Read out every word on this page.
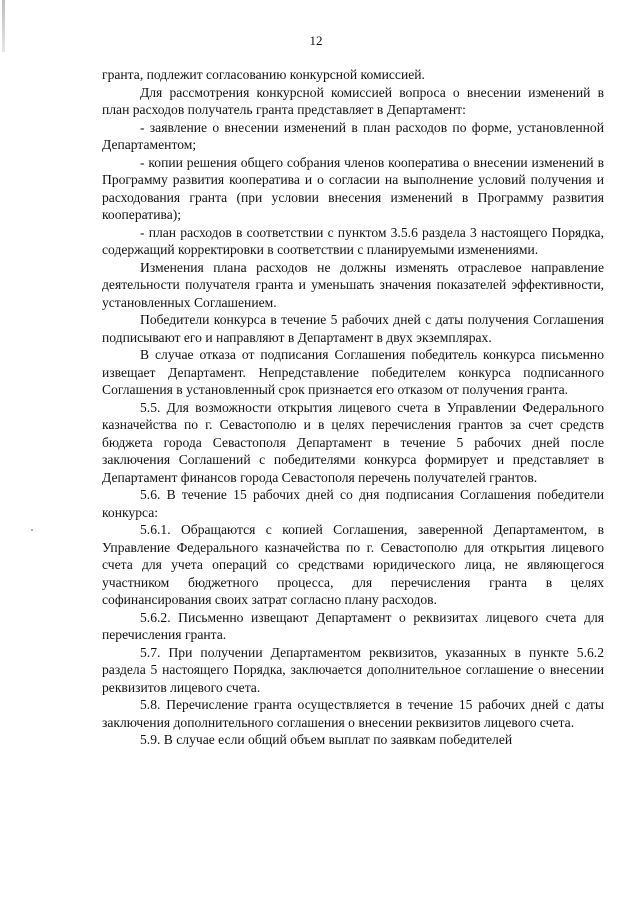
12

гранта, подлежит согласованию конкурсной комиссией.

Для рассмотрения конкурсной комиссией вопроса о внесении изменений в план расходов получатель гранта представляет в Департамент:

- заявление о внесении изменений в план расходов по форме, установленной Департаментом;

- копии решения общего собрания членов кооператива о внесении изменений в Программу развития кооператива и о согласии на выполнение условий получения и расходования гранта (при условии внесения изменений в Программу развития кооператива);

- план расходов в соответствии с пунктом 3.5.6 раздела 3 настоящего Порядка, содержащий корректировки в соответствии с планируемыми изменениями.

Изменения плана расходов не должны изменять отраслевое направление деятельности получателя гранта и уменьшать значения показателей эффективности, установленных Соглашением.

Победители конкурса в течение 5 рабочих дней с даты получения Соглашения подписывают его и направляют в Департамент в двух экземплярах.

В случае отказа от подписания Соглашения победитель конкурса письменно извещает Департамент. Непредставление победителем конкурса подписанного Соглашения в установленный срок признается его отказом от получения гранта.

5.5. Для возможности открытия лицевого счета в Управлении Федерального казначейства по г. Севастополю и в целях перечисления грантов за счет средств бюджета города Севастополя Департамент в течение 5 рабочих дней после заключения Соглашений с победителями конкурса формирует и представляет в Департамент финансов города Севастополя перечень получателей грантов.

5.6. В течение 15 рабочих дней со дня подписания Соглашения победители конкурса:

5.6.1. Обращаются с копией Соглашения, заверенной Департаментом, в Управление Федерального казначейства по г. Севастополю для открытия лицевого счета для учета операций со средствами юридического лица, не являющегося участником бюджетного процесса, для перечисления гранта в целях софинансирования своих затрат согласно плану расходов.

5.6.2. Письменно извещают Департамент о реквизитах лицевого счета для перечисления гранта.

5.7. При получении Департаментом реквизитов, указанных в пункте 5.6.2 раздела 5 настоящего Порядка, заключается дополнительное соглашение о внесении реквизитов лицевого счета.

5.8. Перечисление гранта осуществляется в течение 15 рабочих дней с даты заключения дополнительного соглашения о внесении реквизитов лицевого счета.

5.9. В случае если общий объем выплат по заявкам победителей
